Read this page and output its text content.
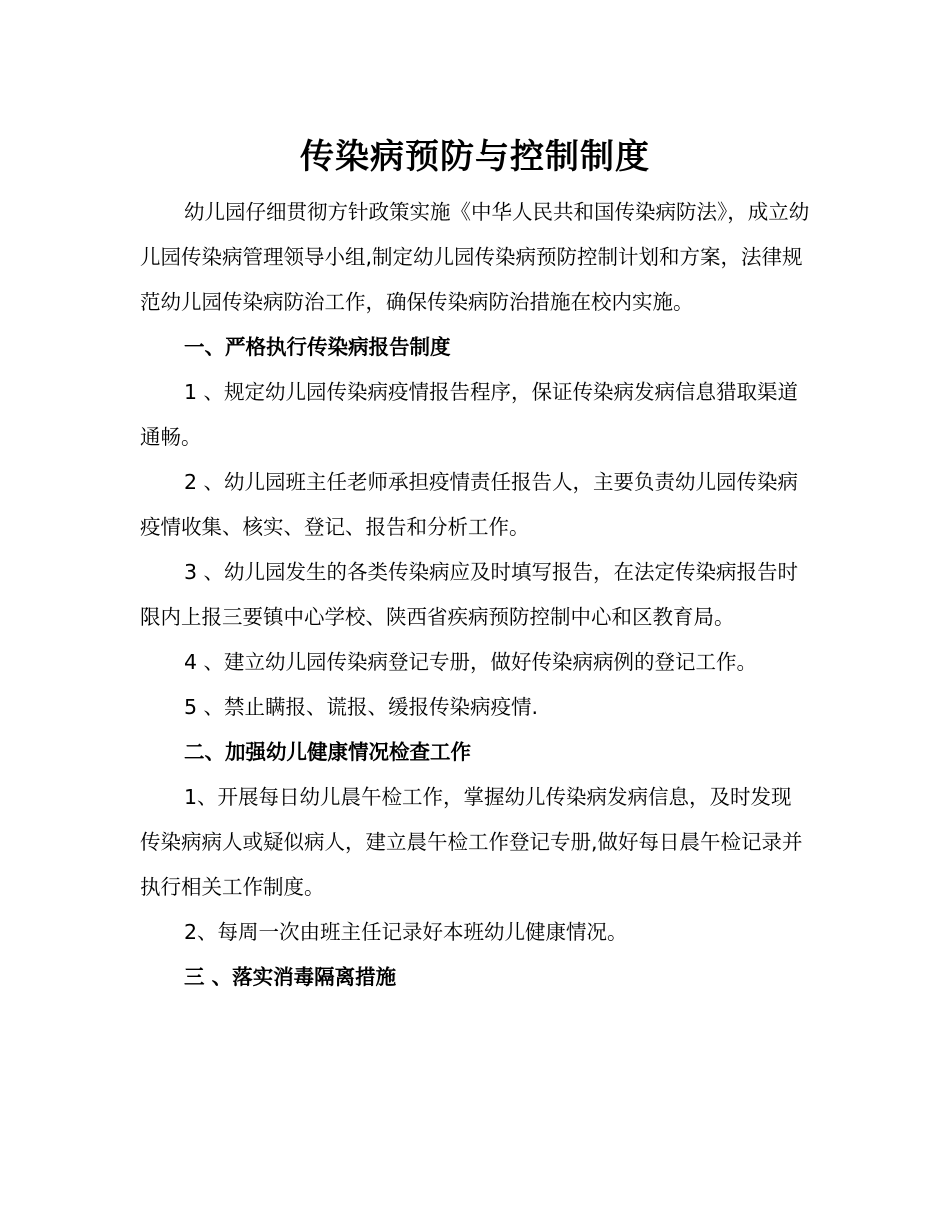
传染病预防与控制制度

幼儿园仔细贯彻方针政策实施《中华人民共和国传染病防法》，成立幼儿园传染病管理领导小组,制定幼儿园传染病预防控制计划和方案，法律规范幼儿园传染病防治工作，确保传染病防治措施在校内实施。

一、严格执行传染病报告制度

1 、规定幼儿园传染病疫情报告程序，保证传染病发病信息猎取渠道通畅。

2 、幼儿园班主任老师承担疫情责任报告人，主要负责幼儿园传染病疫情收集、核实、登记、报告和分析工作。

3 、幼儿园发生的各类传染病应及时填写报告，在法定传染病报告时限内上报三要镇中心学校、陕西省疾病预防控制中心和区教育局。

4 、建立幼儿园传染病登记专册，做好传染病病例的登记工作。

5 、禁止瞒报、谎报、缓报传染病疫情.

二、加强幼儿健康情况检查工作

1、开展每日幼儿晨午检工作，掌握幼儿传染病发病信息，及时发现传染病病人或疑似病人，建立晨午检工作登记专册,做好每日晨午检记录并执行相关工作制度。

2、每周一次由班主任记录好本班幼儿健康情况。

三 、落实消毒隔离措施
